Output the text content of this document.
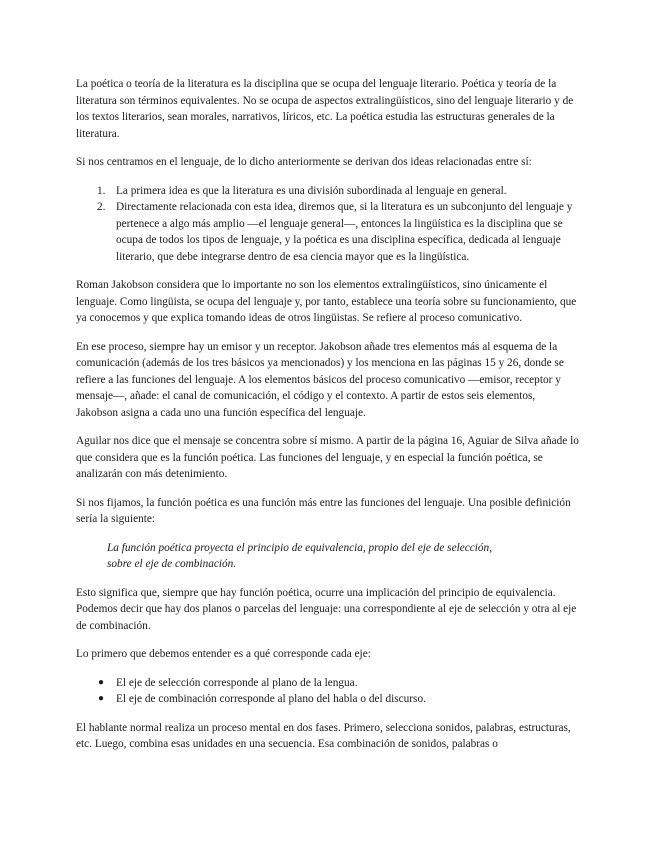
La poética o teoría de la literatura es la disciplina que se ocupa del lenguaje literario. Poética y teoría de la literatura son términos equivalentes. No se ocupa de aspectos extralingüísticos, sino del lenguaje literario y de los textos literarios, sean morales, narrativos, líricos, etc. La poética estudia las estructuras generales de la literatura.

Si nos centramos en el lenguaje, de lo dicho anteriormente se derivan dos ideas relacionadas entre sí:

1. La primera idea es que la literatura es una división subordinada al lenguaje en general.
2. Directamente relacionada con esta idea, diremos que, si la literatura es un subconjunto del lenguaje y pertenece a algo más amplio —el lenguaje general—, entonces la lingüística es la disciplina que se ocupa de todos los tipos de lenguaje, y la poética es una disciplina específica, dedicada al lenguaje literario, que debe integrarse dentro de esa ciencia mayor que es la lingüística.

Roman Jakobson considera que lo importante no son los elementos extralingüísticos, sino únicamente el lenguaje. Como lingüista, se ocupa del lenguaje y, por tanto, establece una teoría sobre su funcionamiento, que ya conocemos y que explica tomando ideas de otros lingüistas. Se refiere al proceso comunicativo.

En ese proceso, siempre hay un emisor y un receptor. Jakobson añade tres elementos más al esquema de la comunicación (además de los tres básicos ya mencionados) y los menciona en las páginas 15 y 26, donde se refiere a las funciones del lenguaje. A los elementos básicos del proceso comunicativo —emisor, receptor y mensaje—, añade: el canal de comunicación, el código y el contexto. A partir de estos seis elementos, Jakobson asigna a cada uno una función específica del lenguaje.

Aguilar nos dice que el mensaje se concentra sobre sí mismo. A partir de la página 16, Aguiar de Silva añade lo que considera que es la función poética. Las funciones del lenguaje, y en especial la función poética, se analizarán con más detenimiento.

Si nos fijamos, la función poética es una función más entre las funciones del lenguaje. Una posible definición sería la siguiente:

La función poética proyecta el principio de equivalencia, propio del eje de selección, sobre el eje de combinación.

Esto significa que, siempre que hay función poética, ocurre una implicación del principio de equivalencia. Podemos decir que hay dos planos o parcelas del lenguaje: una correspondiente al eje de selección y otra al eje de combinación.

Lo primero que debemos entender es a qué corresponde cada eje:

● El eje de selección corresponde al plano de la lengua.
● El eje de combinación corresponde al plano del habla o del discurso.

El hablante normal realiza un proceso mental en dos fases. Primero, selecciona sonidos, palabras, estructuras, etc. Luego, combina esas unidades en una secuencia. Esa combinación de sonidos, palabras o
